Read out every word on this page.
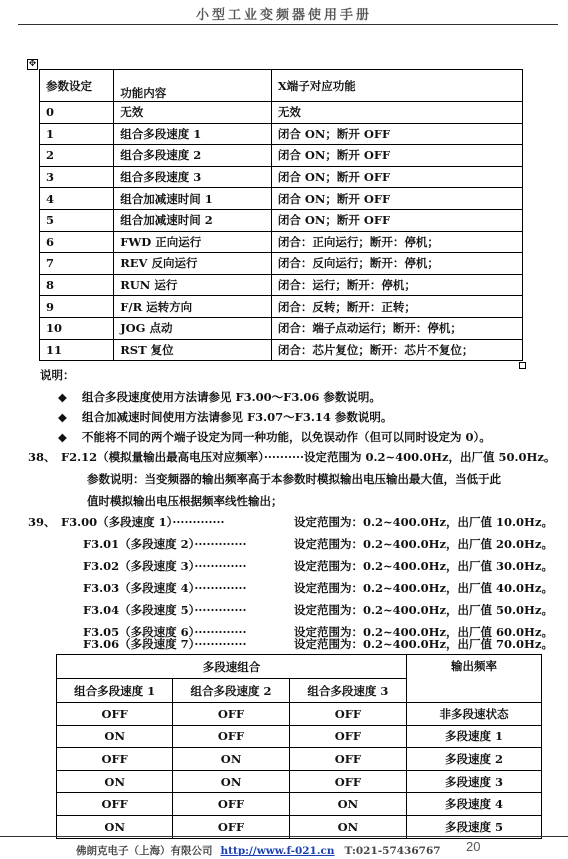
小型工业变频器使用手册
✥
参数设定	功能内容	X端子对应功能
0	无效	无效
1	组合多段速度 1	闭合 ON；断开 OFF
2	组合多段速度 2	闭合 ON；断开 OFF
3	组合多段速度 3	闭合 ON；断开 OFF
4	组合加减速时间 1	闭合 ON；断开 OFF
5	组合加减速时间 2	闭合 ON；断开 OFF
6	FWD 正向运行	闭合：正向运行；断开：停机；
7	REV 反向运行	闭合：反向运行；断开：停机；
8	RUN 运行	闭合：运行；断开：停机；
9	F/R 运转方向	闭合：反转；断开：正转；
10	JOG 点动	闭合：端子点动运行；断开：停机；
11	RST 复位	闭合：芯片复位；断开：芯片不复位；
说明：
◆ 组合多段速度使用方法请参见 F3.00～F3.06 参数说明。
◆ 组合加减速时间使用方法请参见 F3.07～F3.14 参数说明。
◆ 不能将不同的两个端子设定为同一种功能，以免误动作（但可以同时设定为 0）。
38、 F2.12（模拟量输出最高电压对应频率）··········设定范围为 0.2~400.0Hz，出厂值 50.0Hz。
参数说明：当变频器的输出频率高于本参数时模拟输出电压输出最大值，当低于此
值时模拟输出电压根据频率线性输出；
39、 F3.00（多段速度 1）·············	设定范围为：0.2~400.0Hz，出厂值 10.0Hz。
F3.01（多段速度 2）·············	设定范围为：0.2~400.0Hz，出厂值 20.0Hz。
F3.02（多段速度 3）·············	设定范围为：0.2~400.0Hz，出厂值 30.0Hz。
F3.03（多段速度 4）·············	设定范围为：0.2~400.0Hz，出厂值 40.0Hz。
F3.04（多段速度 5）·············	设定范围为：0.2~400.0Hz，出厂值 50.0Hz。
F3.05（多段速度 6）·············	设定范围为：0.2~400.0Hz，出厂值 60.0Hz。
F3.06（多段速度 7）·············	设定范围为：0.2~400.0Hz，出厂值 70.0Hz。
多段速组合			输出频率
组合多段速度 1	组合多段速度 2	组合多段速度 3	
OFF	OFF	OFF	非多段速状态
ON	OFF	OFF	多段速度 1
OFF	ON	OFF	多段速度 2
ON	ON	OFF	多段速度 3
OFF	OFF	ON	多段速度 4
ON	OFF	ON	多段速度 5
佛朗克电子（上海）有限公司 http://www.f-021.cn T:021-57436767 20
